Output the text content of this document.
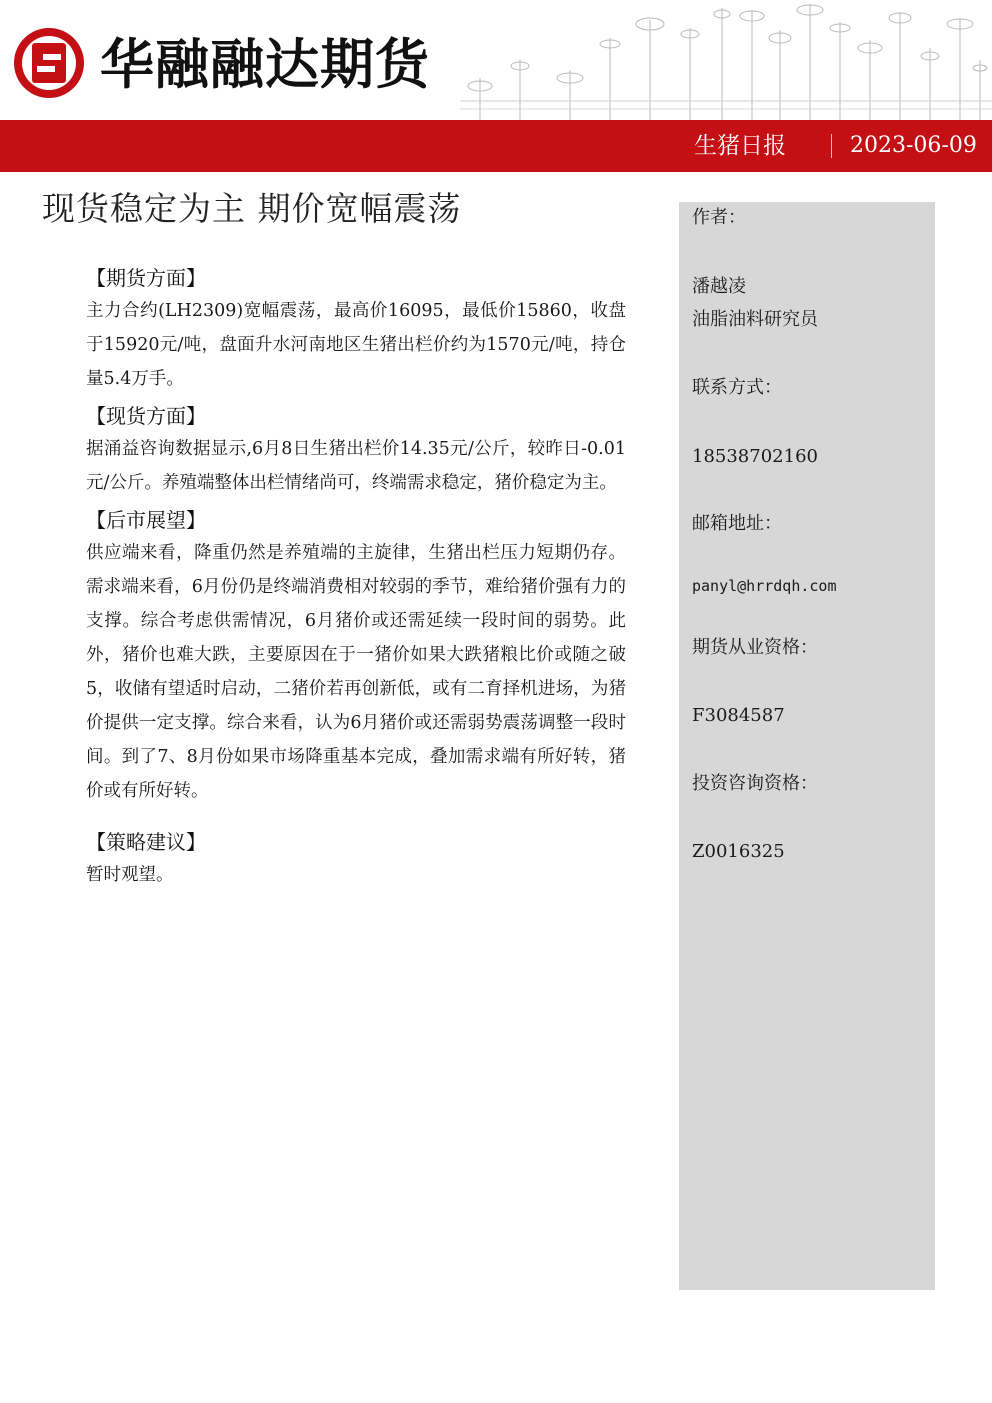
华融融达期货
生猪日报	2023-06-09
现货稳定为主 期价宽幅震荡

【期货方面】

主力合约(LH2309)宽幅震荡，最高价16095，最低价15860，收盘于15920元/吨，盘面升水河南地区生猪出栏价约为1570元/吨，持仓量5.4万手。

【现货方面】

据涌益咨询数据显示,6月8日生猪出栏价14.35元/公斤，较昨日-0.01元/公斤。养殖端整体出栏情绪尚可，终端需求稳定，猪价稳定为主。

【后市展望】

供应端来看，降重仍然是养殖端的主旋律，生猪出栏压力短期仍存。需求端来看，6月份仍是终端消费相对较弱的季节，难给猪价强有力的支撑。综合考虑供需情况，6月猪价或还需延续一段时间的弱势。此外，猪价也难大跌，主要原因在于一猪价如果大跌猪粮比价或随之破5，收储有望适时启动，二猪价若再创新低，或有二育择机进场，为猪价提供一定支撑。综合来看，认为6月猪价或还需弱势震荡调整一段时间。到了7、8月份如果市场降重基本完成，叠加需求端有所好转，猪价或有所好转。

【策略建议】

暂时观望。

作者：
潘越凌
油脂油料研究员
联系方式：
18538702160
邮箱地址：
panyl@hrrdqh.com
期货从业资格：
F3084587
投资咨询资格：
Z0016325
